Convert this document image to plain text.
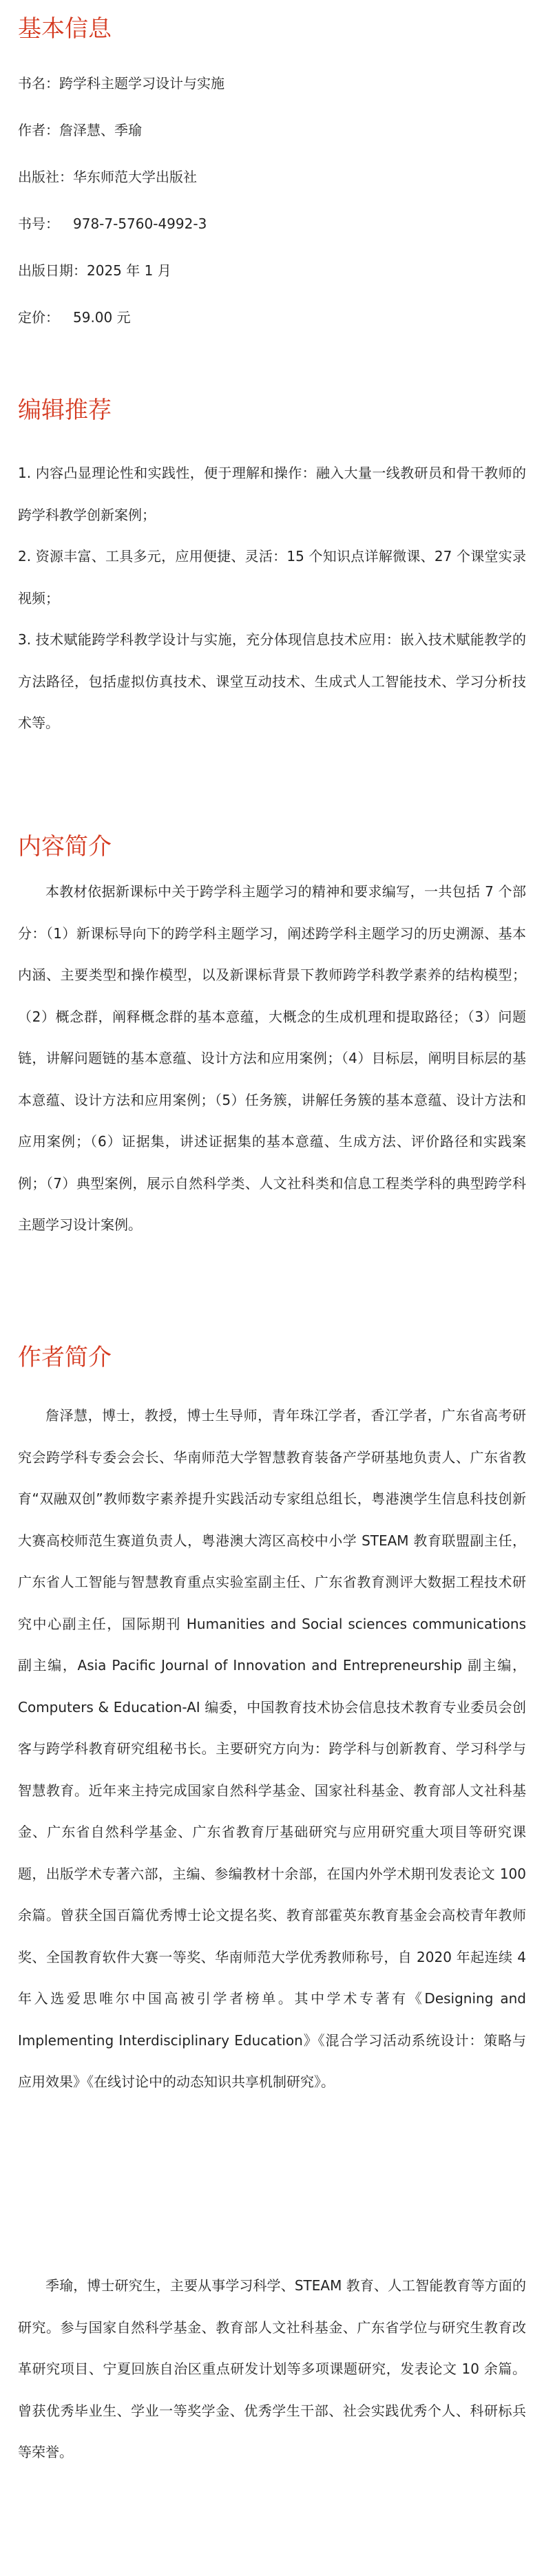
基本信息

书名：跨学科主题学习设计与实施

作者：詹泽慧、季瑜

出版社：华东师范大学出版社

书号： 978-7-5760-4992-3

出版日期：2025 年 1 月

定价： 59.00 元

编辑推荐

1. 内容凸显理论性和实践性，便于理解和操作：融入大量一线教研员和骨干教师的跨学科教学创新案例；

2. 资源丰富、工具多元，应用便捷、灵活：15 个知识点详解微课、27 个课堂实录视频；

3. 技术赋能跨学科教学设计与实施，充分体现信息技术应用：嵌入技术赋能教学的方法路径，包括虚拟仿真技术、课堂互动技术、生成式人工智能技术、学习分析技术等。

内容简介

本教材依据新课标中关于跨学科主题学习的精神和要求编写，一共包括 7 个部分：（1）新课标导向下的跨学科主题学习，阐述跨学科主题学习的历史溯源、基本内涵、主要类型和操作模型，以及新课标背景下教师跨学科教学素养的结构模型；（2）概念群，阐释概念群的基本意蕴，大概念的生成机理和提取路径；（3）问题链，讲解问题链的基本意蕴、设计方法和应用案例；（4）目标层，阐明目标层的基本意蕴、设计方法和应用案例；（5）任务簇，讲解任务簇的基本意蕴、设计方法和应用案例；（6）证据集，讲述证据集的基本意蕴、生成方法、评价路径和实践案例；（7）典型案例，展示自然科学类、人文社科类和信息工程类学科的典型跨学科主题学习设计案例。

作者简介

詹泽慧，博士，教授，博士生导师，青年珠江学者，香江学者，广东省高考研究会跨学科专委会会长、华南师范大学智慧教育装备产学研基地负责人、广东省教育“双融双创”教师数字素养提升实践活动专家组总组长，粤港澳学生信息科技创新大赛高校师范生赛道负责人，粤港澳大湾区高校中小学 STEAM 教育联盟副主任，广东省人工智能与智慧教育重点实验室副主任、广东省教育测评大数据工程技术研究中心副主任，国际期刊 Humanities and Social sciences communications 副主编，Asia Pacific Journal of Innovation and Entrepreneurship 副主编，Computers & Education-AI 编委，中国教育技术协会信息技术教育专业委员会创客与跨学科教育研究组秘书长。主要研究方向为：跨学科与创新教育、学习科学与智慧教育。近年来主持完成国家自然科学基金、国家社科基金、教育部人文社科基金、广东省自然科学基金、广东省教育厅基础研究与应用研究重大项目等研究课题，出版学术专著六部，主编、参编教材十余部，在国内外学术期刊发表论文 100 余篇。曾获全国百篇优秀博士论文提名奖、教育部霍英东教育基金会高校青年教师奖、全国教育软件大赛一等奖、华南师范大学优秀教师称号，自 2020 年起连续 4 年入选爱思唯尔中国高被引学者榜单。其中学术专著有《Designing and Implementing Interdisciplinary Education》《混合学习活动系统设计：策略与应用效果》《在线讨论中的动态知识共享机制研究》。

季瑜，博士研究生，主要从事学习科学、STEAM 教育、人工智能教育等方面的研究。参与国家自然科学基金、教育部人文社科基金、广东省学位与研究生教育改革研究项目、宁夏回族自治区重点研发计划等多项课题研究，发表论文 10 余篇。曾获优秀毕业生、学业一等奖学金、优秀学生干部、社会实践优秀个人、科研标兵等荣誉。
